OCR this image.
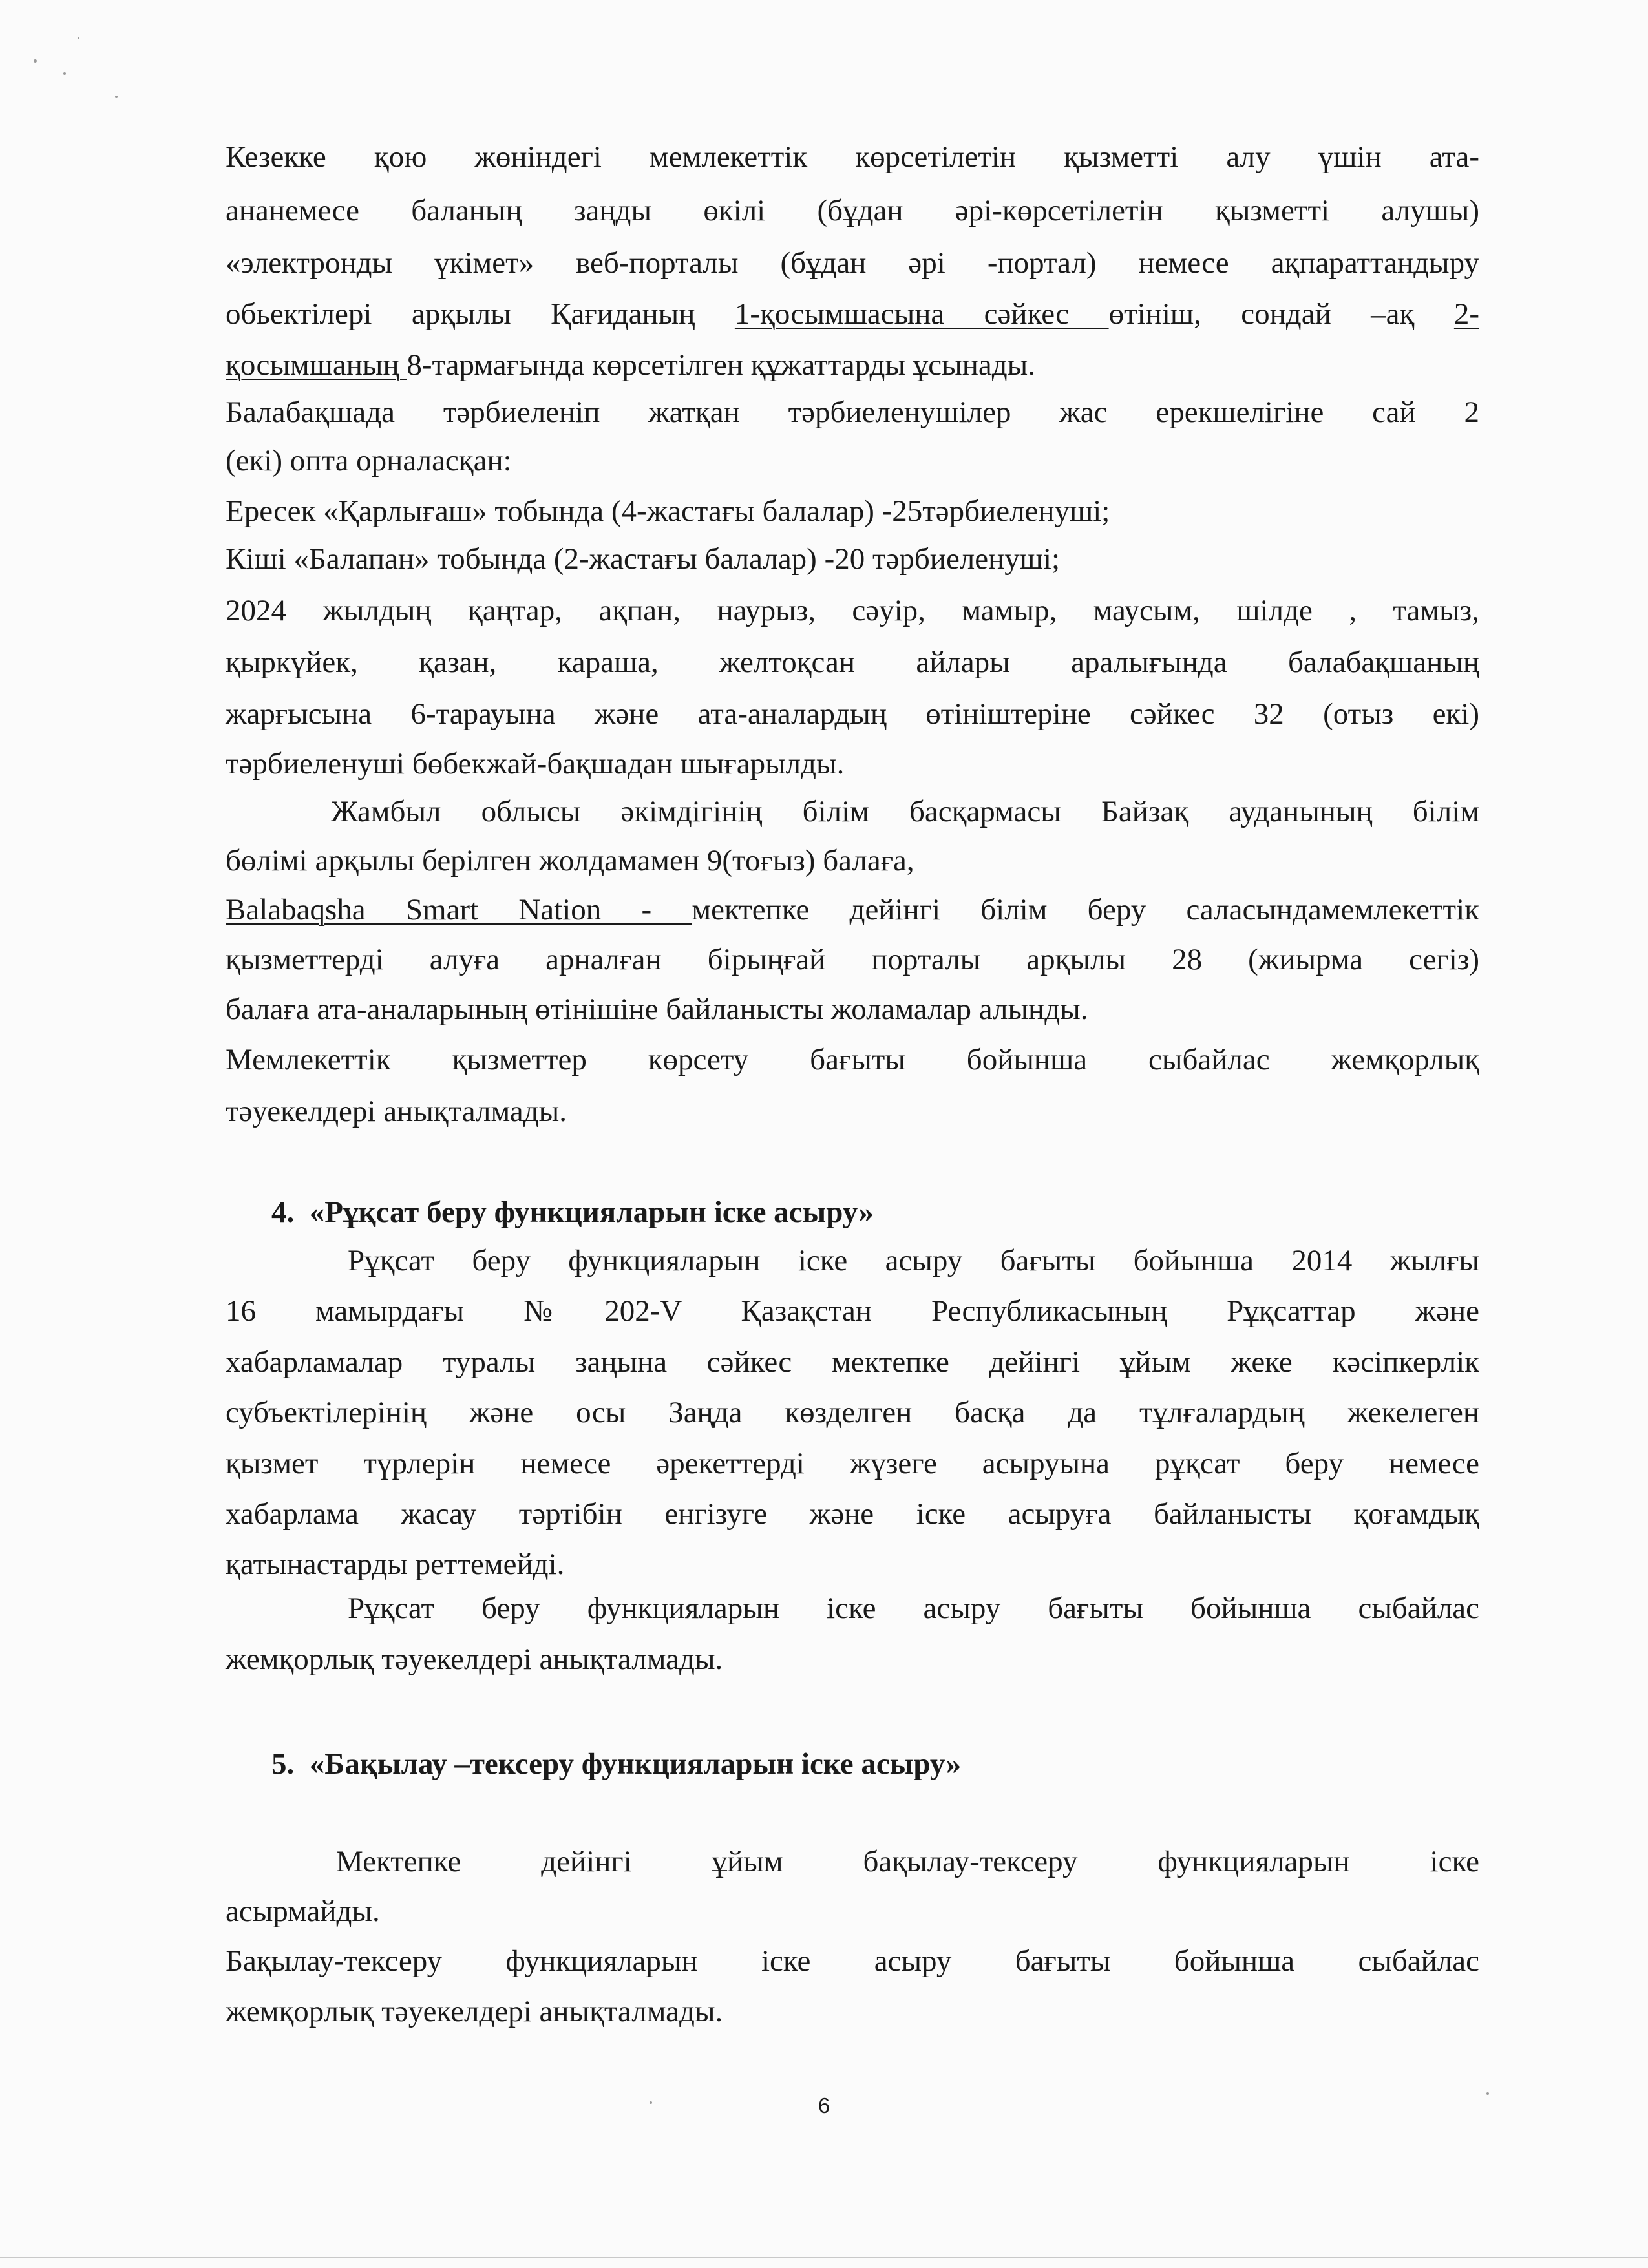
Кезекке қою жөніндегі мемлекеттік көрсетілетін қызметті алу үшін ата-
ананемесе баланың заңды өкілі (бұдан әрі-көрсетілетін қызметті алушы)
«электронды үкімет» веб-порталы (бұдан әрі -портал) немесе ақпараттандыру
обьектілері арқылы Қағиданың 1-қосымшасына сәйкес өтініш, сондай –ақ 2-
қосымшаның 8-тармағында көрсетілген құжаттарды ұсынады.
Балабақшада тәрбиеленіп жатқан тәрбиеленушілер жас ерекшелігіне сай 2
(екі) опта орналасқан:
Ересек «Қарлығаш» тобында (4-жастағы балалар) -25тәрбиеленуші;
Кіші «Балапан» тобында (2-жастағы балалар) -20 тәрбиеленуші;
2024 жылдың қаңтар, ақпан, наурыз, сәуір, мамыр, маусым, шілде , тамыз,
қыркүйек, қазан, караша, желтоқсан айлары аралығында балабақшаның
жарғысына 6-тарауына және ата-аналардың өтініштеріне сәйкес 32 (отыз екі)
тәрбиеленуші бөбекжай-бақшадан шығарылды.
Жамбыл облысы әкімдігінің білім басқармасы Байзақ ауданының білім
бөлімі арқылы берілген жолдамамен 9(тоғыз) балаға,
Balabaqsha Smart Nation - мектепке дейінгі білім беру саласындамемлекеттік
қызметтерді алуға арналған бірыңғай порталы арқылы 28 (жиырма сегіз)
балаға ата-аналарының өтінішіне байланысты жоламалар алынды.
Мемлекеттік қызметтер көрсету бағыты бойынша сыбайлас жемқорлық
тәуекелдері анықталмады.
4. «Рұқсат беру функцияларын іске асыру»
Рұқсат беру функцияларын іске асыру бағыты бойынша 2014 жылғы
16 мамырдағы №202-V Қазақстан Республикасының Рұқсаттар және
хабарламалар туралы заңына сәйкес мектепке дейінгі ұйым жеке кәсіпкерлік
субъектілерінің және осы Заңда көзделген басқа да тұлғалардың жекелеген
қызмет түрлерін немесе әрекеттерді жүзеге асыруына рұқсат беру немесе
хабарлама жасау тәртібін енгізуге және іске асыруға байланысты қоғамдық
қатынастарды реттемейді.
Рұқсат беру функцияларын іске асыру бағыты бойынша сыбайлас
жемқорлық тәуекелдері анықталмады.
5. «Бақылау –тексеру функцияларын іске асыру»
Мектепке дейінгі ұйым бақылау-тексеру функцияларын іске
асырмайды.
Бақылау-тексеру функцияларын іске асыру бағыты бойынша сыбайлас
жемқорлық тәуекелдері анықталмады.
6
